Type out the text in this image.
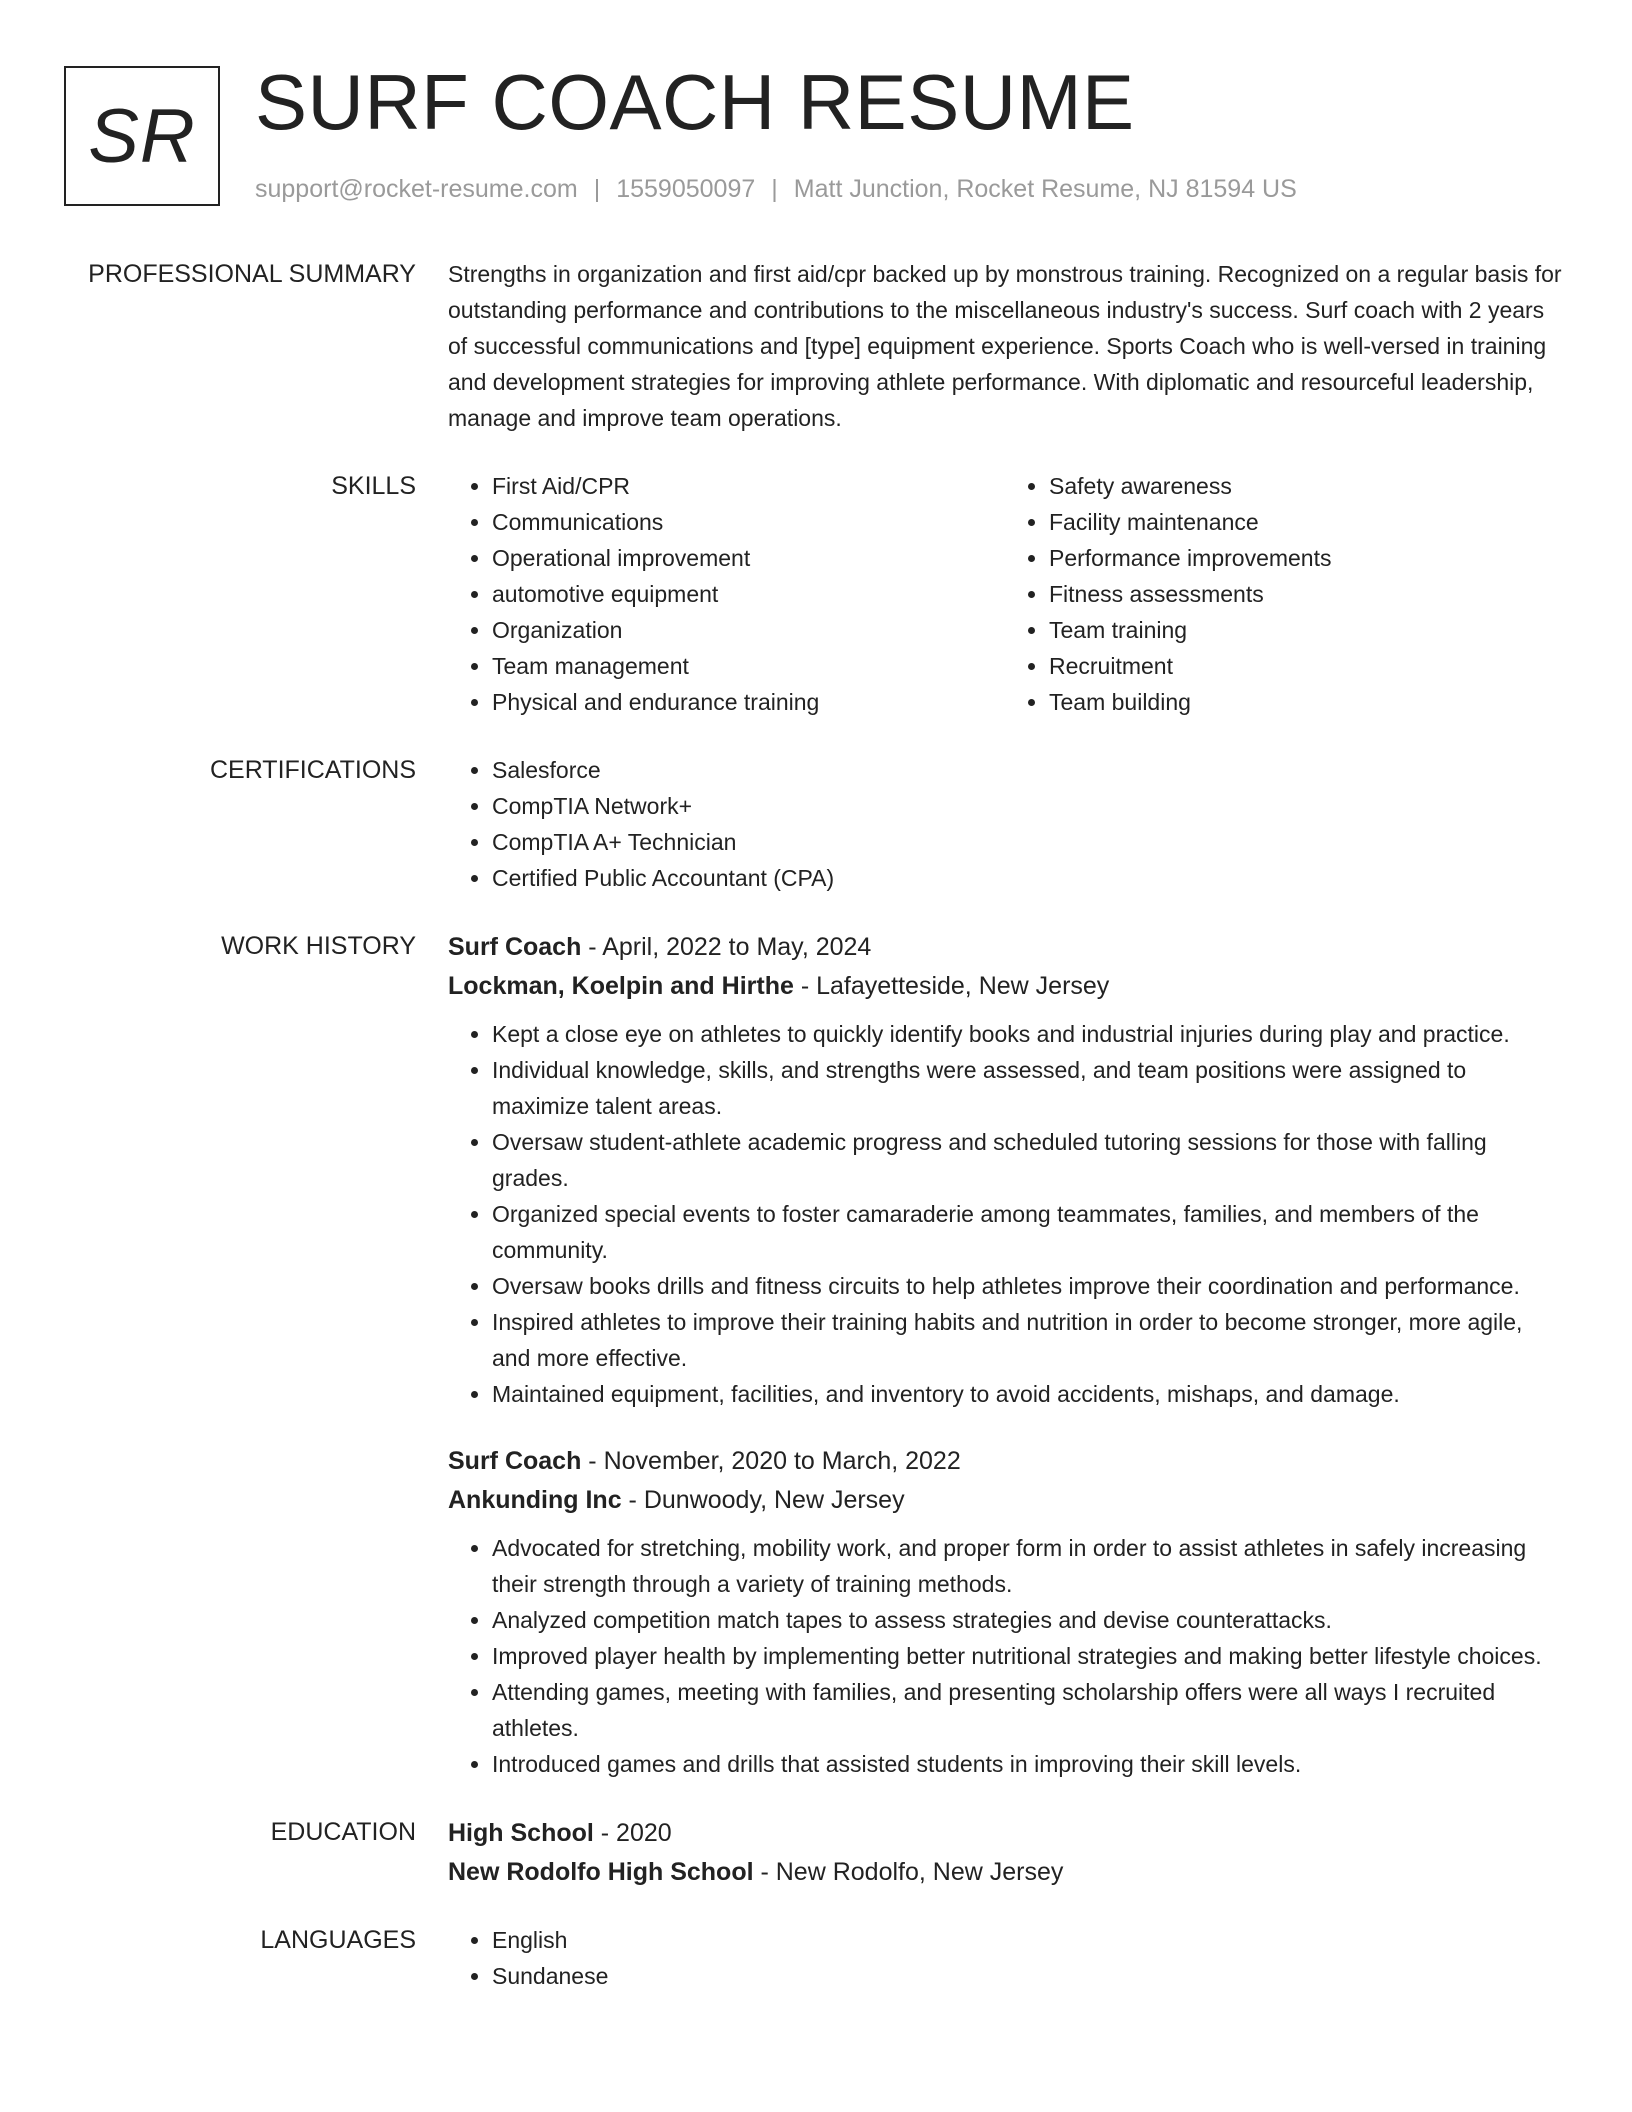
SR SURF COACH RESUME
support@rocket-resume.com | 1559050097 | Matt Junction, Rocket Resume, NJ 81594 US
PROFESSIONAL SUMMARY Strengths in organization and first aid/cpr backed up by monstrous training. Recognized on a regular basis for outstanding performance and contributions to the miscellaneous industry's success. Surf coach with 2 years of successful communications and [type] equipment experience. Sports Coach who is well-versed in training and development strategies for improving athlete performance. With diplomatic and resourceful leadership, manage and improve team operations.

SKILLS	• First Aid/CPR
• Communications
• Operational improvement
• automotive equipment
• Organization
• Team management
• Physical and endurance training
• Safety awareness
• Facility maintenance
• Performance improvements
• Fitness assessments
• Team training
• Recruitment
• Team building
CERTIFICATIONS	• Salesforce
• CompTIA Network+
• CompTIA A+ Technician
• Certified Public Accountant (CPA)
WORK HISTORY Surf Coach - April, 2022 to May, 2024
Lockman, Koelpin and Hirthe - Lafayetteside, New Jersey
• Kept a close eye on athletes to quickly identify books and industrial injuries during play and practice.
• Individual knowledge, skills, and strengths were assessed, and team positions were assigned to maximize talent areas.
• Oversaw student-athlete academic progress and scheduled tutoring sessions for those with falling grades.
• Organized special events to foster camaraderie among teammates, families, and members of the community.
• Oversaw books drills and fitness circuits to help athletes improve their coordination and performance.
• Inspired athletes to improve their training habits and nutrition in order to become stronger, more agile, and more effective.
• Maintained equipment, facilities, and inventory to avoid accidents, mishaps, and damage.
Surf Coach - November, 2020 to March, 2022
Ankunding Inc - Dunwoody, New Jersey
• Advocated for stretching, mobility work, and proper form in order to assist athletes in safely increasing their strength through a variety of training methods.
• Analyzed competition match tapes to assess strategies and devise counterattacks.
• Improved player health by implementing better nutritional strategies and making better lifestyle choices.
• Attending games, meeting with families, and presenting scholarship offers were all ways I recruited athletes.
• Introduced games and drills that assisted students in improving their skill levels.
EDUCATION High School - 2020
New Rodolfo High School - New Rodolfo, New Jersey
LANGUAGES	• English
• Sundanese
